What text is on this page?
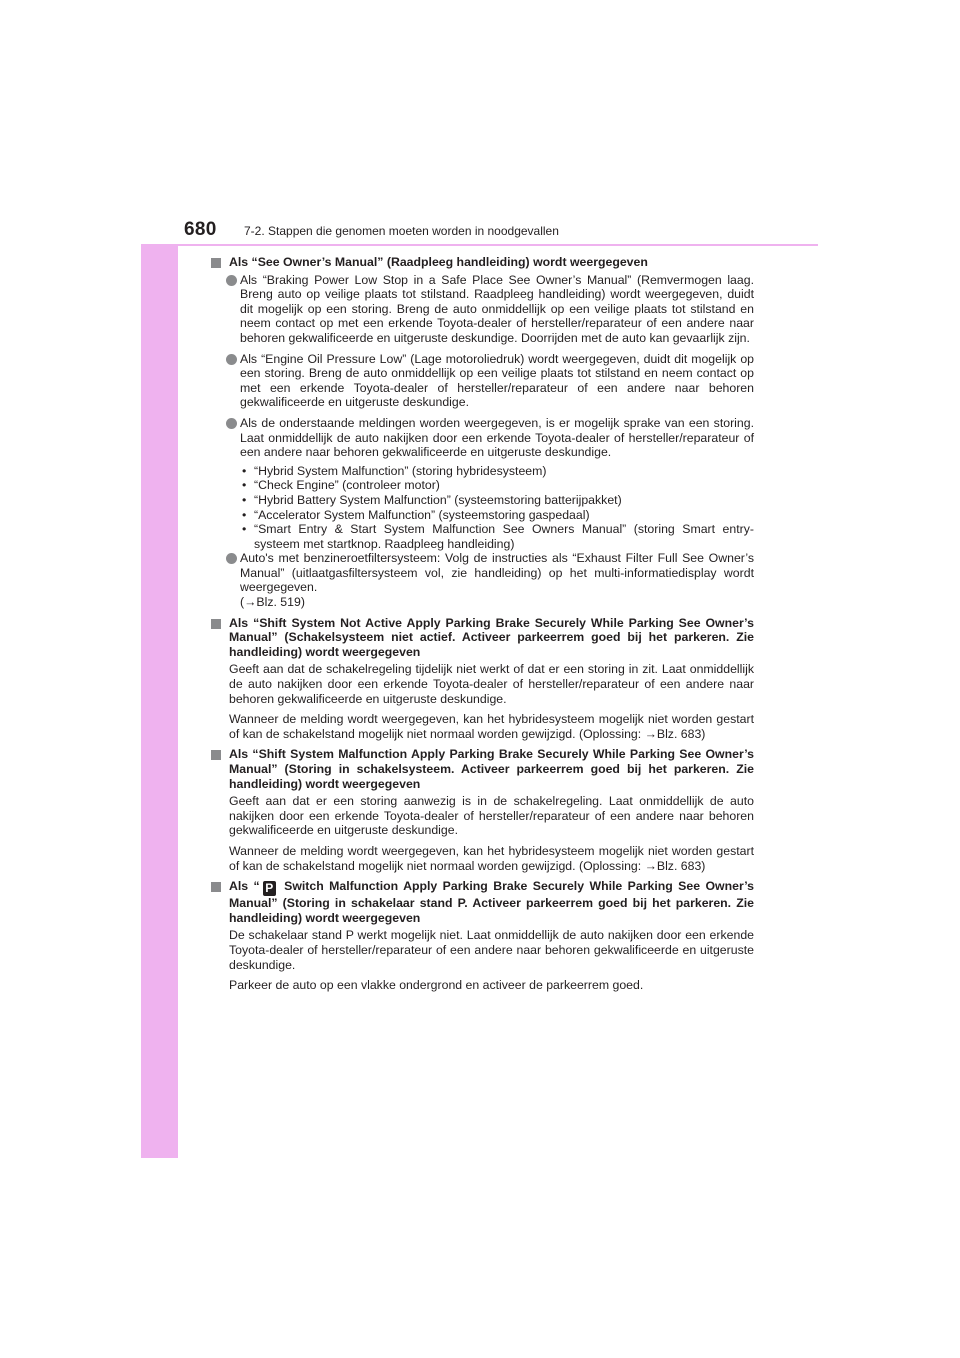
680 7-2. Stappen die genomen moeten worden in noodgevallen
Als “See Owner’s Manual” (Raadpleeg handleiding) wordt weergegeven
Als “Braking Power Low Stop in a Safe Place See Owner’s Manual” (Remvermogen laag. Breng auto op veilige plaats tot stilstand. Raadpleeg handleiding) wordt weergegeven, duidt dit mogelijk op een storing. Breng de auto onmiddellijk op een veilige plaats tot stilstand en neem contact op met een erkende Toyota-dealer of hersteller/reparateur of een andere naar behoren gekwalificeerde en uitgeruste deskundige. Doorrijden met de auto kan gevaarlijk zijn.
Als “Engine Oil Pressure Low” (Lage motoroliedruk) wordt weergegeven, duidt dit mogelijk op een storing. Breng de auto onmiddellijk op een veilige plaats tot stilstand en neem contact op met een erkende Toyota-dealer of hersteller/reparateur of een andere naar behoren gekwalificeerde en uitgeruste deskundige.
Als de onderstaande meldingen worden weergegeven, is er mogelijk sprake van een storing. Laat onmiddellijk de auto nakijken door een erkende Toyota-dealer of hersteller/reparateur of een andere naar behoren gekwalificeerde en uitgeruste deskundige.
• “Hybrid System Malfunction” (storing hybridesysteem)
• “Check Engine” (controleer motor)
• “Hybrid Battery System Malfunction” (systeemstoring batterijpakket)
• “Accelerator System Malfunction” (systeemstoring gaspedaal)
• “Smart Entry & Start System Malfunction See Owners Manual” (storing Smart entry-systeem met startknop. Raadpleeg handleiding)
Auto's met benzineroetfiltersysteem: Volg de instructies als “Exhaust Filter Full See Owner’s Manual” (uitlaatgasfiltersysteem vol, zie handleiding) op het multi-informatiedisplay wordt weergegeven.
(→Blz. 519)
Als “Shift System Not Active Apply Parking Brake Securely While Parking See Owner’s Manual” (Schakelsysteem niet actief. Activeer parkeerrem goed bij het parkeren. Zie handleiding) wordt weergegeven
Geeft aan dat de schakelregeling tijdelijk niet werkt of dat er een storing in zit. Laat onmiddellijk de auto nakijken door een erkende Toyota-dealer of hersteller/reparateur of een andere naar behoren gekwalificeerde en uitgeruste deskundige.
Wanneer de melding wordt weergegeven, kan het hybridesysteem mogelijk niet worden gestart of kan de schakelstand mogelijk niet normaal worden gewijzigd. (Oplossing: →Blz. 683)
Als “Shift System Malfunction Apply Parking Brake Securely While Parking See Owner’s Manual” (Storing in schakelsysteem. Activeer parkeerrem goed bij het parkeren. Zie handleiding) wordt weergegeven
Geeft aan dat er een storing aanwezig is in de schakelregeling. Laat onmiddellijk de auto nakijken door een erkende Toyota-dealer of hersteller/reparateur of een andere naar behoren gekwalificeerde en uitgeruste deskundige.
Wanneer de melding wordt weergegeven, kan het hybridesysteem mogelijk niet worden gestart of kan de schakelstand mogelijk niet normaal worden gewijzigd. (Oplossing: →Blz. 683)
Als “ P Switch Malfunction Apply Parking Brake Securely While Parking See Owner’s Manual” (Storing in schakelaar stand P. Activeer parkeerrem goed bij het parkeren. Zie handleiding) wordt weergegeven
De schakelaar stand P werkt mogelijk niet. Laat onmiddellijk de auto nakijken door een erkende Toyota-dealer of hersteller/reparateur of een andere naar behoren gekwalificeerde en uitgeruste deskundige.
Parkeer de auto op een vlakke ondergrond en activeer de parkeerrem goed.
